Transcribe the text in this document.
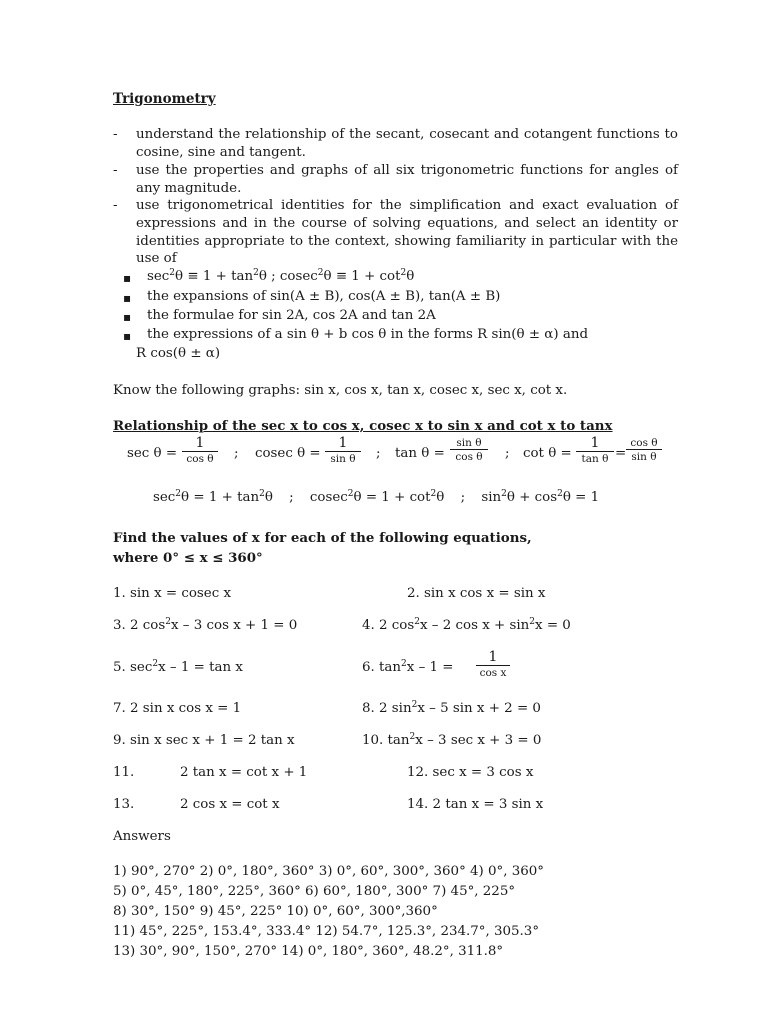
Trigonometry
- understand the relationship of the secant, cosecant and cotangent functions to cosine, sine and tangent.
- use the properties and graphs of all six trigonometric functions for angles of any magnitude.
- use trigonometrical identities for the simplification and exact evaluation of expressions and in the course of solving equations, and select an identity or identities appropriate to the context, showing familiarity in particular with the use of
▪ $\sec^2\theta \equiv 1 + \tan^2\theta$ ; $cosec^2\theta \equiv 1 + \cot^2\theta$
▪ the expansions of sin(A ± B), cos(A ± B), tan(A ± B)
▪ the formulae for sin 2A, cos 2A and tan 2A
▪ the expressions of a sin θ + b cos θ in the forms R sin(θ ± α) and
R cos(θ ± α)
Know the following graphs: sin x, cos x, tan x, cosec x, sec x, cot x.
Relationship of the sec x to cos x, cosec x to sin x and cot x to tanx
sec θ =
1
cos θ	; cosec θ =
1
sin θ	; $\tan \theta = \frac{\text{sin θ}}{\text{cos θ}}$ ; cot θ =
1
$\tan \theta = \frac{\text{cos θ}}{\text{sin θ}}$
$\sec^2\theta = 1 + \tan^2\theta$ ; $cosec^2\theta = 1 + \cot^2\theta$ ; $\sin^2\theta + \cos^2\theta = 1$
Find the values of x for each of the following equations,
where 0° ≤ x ≤ 360°
1. sin x = cosec x	2. sin x cos x = sin x
3. 2 $\cos^2x - 3$ cos x + 1 = 0	4. 2 $\cos^2x - 2$ $\cos x + \sin^2x = 0$
5. $\sec^2x - 1 = \tan x$	6. $\tan^2x - 1$ =
1
cos x
7. 2 sin x cos x = 1	8. 2 $\sin^2x - 5$ sin x + 2 = 0
9. sin x sec x + 1 = 2 tan x	10. $\tan^2x - 3$ sec x + 3 = 0
11.	2 tan x = cot x + 1	12. sec x = 3 cos x
13.	2 cos x = cot x	14. 2 tan x = 3 sin x
Answers
1) 90°, 270° 2) 0°, 180°, 360° 3) 0°, 60°, 300°, 360° 4) 0°, 360°
5) 0°, 45°, 180°, 225°, 360° 6) 60°, 180°, 300° 7) 45°, 225°
8) 30°, 150° 9) 45°, 225° 10) 0°, 60°, 300°,360°
11) 45°, 225°, 153.4°, 333.4° 12) 54.7°, 125.3°, 234.7°, 305.3°
13) 30°, 90°, 150°, 270° 14) 0°, 180°, 360°, 48.2°, 311.8°
